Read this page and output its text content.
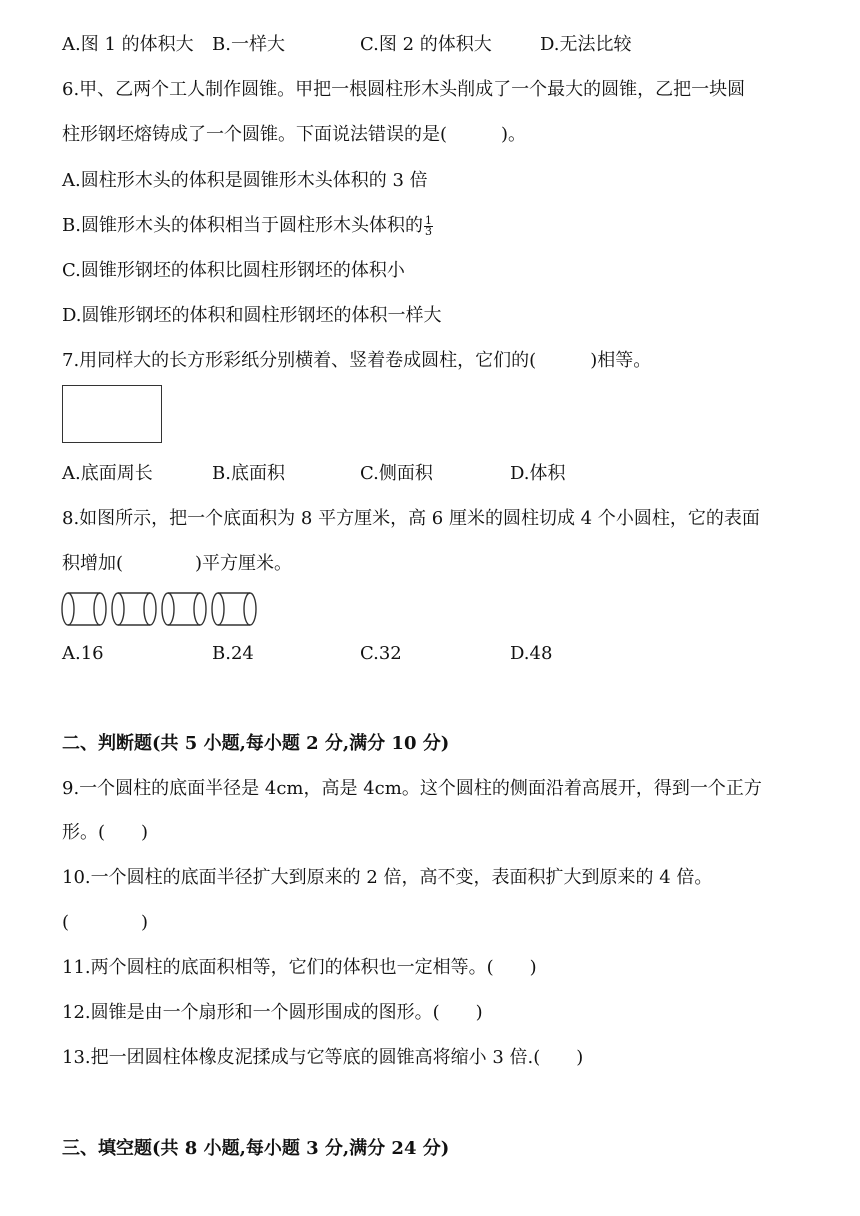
A.图 1 的体积大 B.一样大	C.图 2 的体积大	D.无法比较
6.甲、乙两个工人制作圆锥。甲把一根圆柱形木头削成了一个最大的圆锥，乙把一块圆
柱形钢坯熔铸成了一个圆锥。下面说法错误的是(　　　)。
A.圆柱形木头的体积是圆锥形木头体积的 3 倍
B.圆锥形木头的体积相当于圆柱形木头体积的 $\frac{1}{3}$
C.圆锥形钢坯的体积比圆柱形钢坯的体积小
D.圆锥形钢坯的体积和圆柱形钢坯的体积一样大
7.用同样大的长方形彩纸分别横着、竖着卷成圆柱，它们的(　　　)相等。
A.底面周长	B.底面积	C.侧面积	D.体积
8.如图所示，把一个底面积为 8 平方厘米，高 6 厘米的圆柱切成 4 个小圆柱，它的表面
积增加(　　　　)平方厘米。
A.16	B.24	C.32	D.48
二、判断题(共 5 小题,每小题 2 分,满分 10 分)
9.一个圆柱的底面半径是 4cm，高是 4cm。这个圆柱的侧面沿着高展开，得到一个正方
形。(　　)
10.一个圆柱的底面半径扩大到原来的 2 倍，高不变，表面积扩大到原来的 4 倍。
(　　　　)
11.两个圆柱的底面积相等，它们的体积也一定相等。(　　)
12.圆锥是由一个扇形和一个圆形围成的图形。(　　)
13.把一团圆柱体橡皮泥揉成与它等底的圆锥高将缩小 3 倍.(　　)
三、填空题(共 8 小题,每小题 3 分,满分 24 分)
